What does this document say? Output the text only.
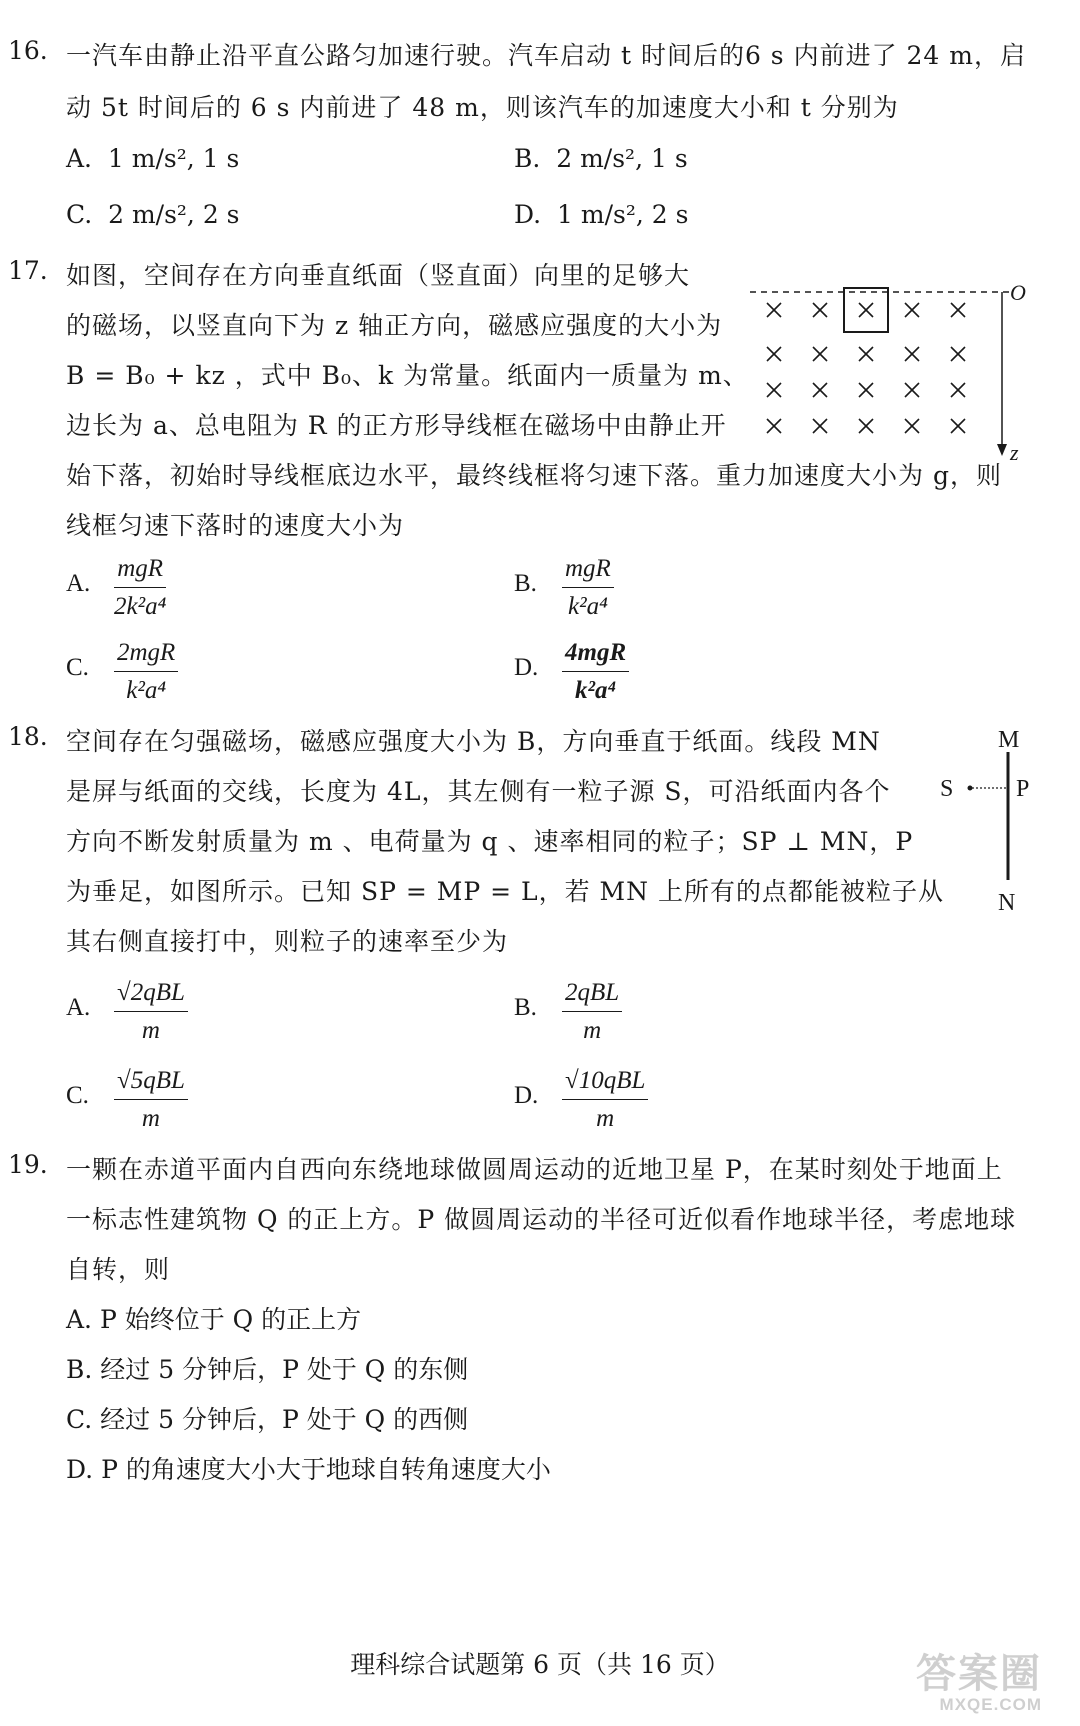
16. 一汽车由静止沿平直公路匀加速行驶。汽车启动 t 时间后的6 s 内前进了 24 m，启
动 5t 时间后的 6 s 内前进了 48 m，则该汽车的加速度大小和 t 分别为
A. 1 m/s², 1 s	B. 2 m/s², 1 s
C. 2 m/s², 2 s	D. 1 m/s², 2 s
17. 如图，空间存在方向垂直纸面（竖直面）向里的足够大
的磁场，以竖直向下为 z 轴正方向，磁感应强度的大小为
B = B₀ + kz ，式中 B₀、k 为常量。纸面内一质量为 m、
边长为 a、总电阻为 R 的正方形导线框在磁场中由静止开
始下落，初始时导线框底边水平，最终线框将匀速下落。重力加速度大小为 g，则
线框匀速下落时的速度大小为
O
z
A.
mgR
2k²a⁴
B.
mgR
k²a⁴
C.
2mgR
k²a⁴
D.
4mgR
k²a⁴
18. 空间存在匀强磁场，磁感应强度大小为 B，方向垂直于纸面。线段 MN
是屏与纸面的交线，长度为 4L，其左侧有一粒子源 S，可沿纸面内各个
方向不断发射质量为 m 、电荷量为 q 、速率相同的粒子；SP ⊥ MN，P
为垂足，如图所示。已知 SP = MP = L，若 MN 上所有的点都能被粒子从
其右侧直接打中，则粒子的速率至少为
M
S	P
N
A.
√2qBL
m
B.
2qBL
m
C.
√5qBL
m
D.
√10qBL
m
19. 一颗在赤道平面内自西向东绕地球做圆周运动的近地卫星 P，在某时刻处于地面上
一标志性建筑物 Q 的正上方。P 做圆周运动的半径可近似看作地球半径，考虑地球
自转，则
A. P 始终位于 Q 的正上方
B. 经过 5 分钟后，P 处于 Q 的东侧
C. 经过 5 分钟后，P 处于 Q 的西侧
D. P 的角速度大小大于地球自转角速度大小
理科综合试题第 6 页（共 16 页）	答案圈
MXQE.COM
